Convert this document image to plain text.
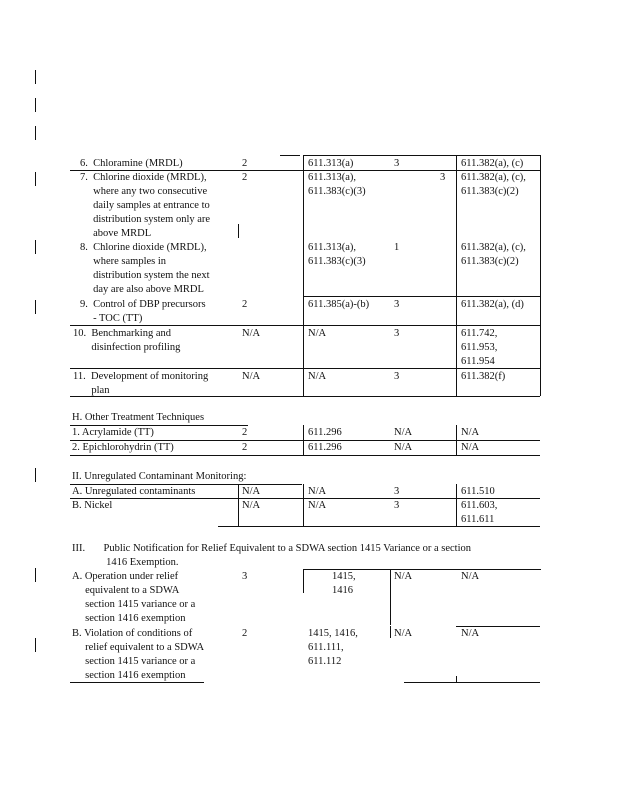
6.  Chloramine (MRDL)	2	611.313(a)	3	611.382(a), (c)
7.  Chlorine dioxide (MRDL),
where any two consecutive
daily samples at entrance to
distribution system only are
above MRDL
2	611.313(a),
611.383(c)(3)
3 611.382(a), (c),
611.383(c)(2)
8.  Chlorine dioxide (MRDL),
where samples in
distribution system the next
day are also above MRDL
611.313(a),
611.383(c)(3)
1	611.382(a), (c),
611.383(c)(2)
9.  Control of DBP precursors
- TOC (TT)
2	611.385(a)-(b) 3	611.382(a), (d)
10.  Benchmarking and
disinfection profiling
N/A	N/A	3	611.742,
611.953,
611.954
11.  Development of monitoring
plan
N/A	N/A	3	611.382(f)
H. Other Treatment Techniques
1. Acrylamide (TT)	2	611.296	N/A	N/A
2. Epichlorohydrin (TT)	2	611.296	N/A	N/A
II. Unregulated Contaminant Monitoring:
A. Unregulated contaminants	N/A	N/A	3	611.510
B. Nickel	N/A	N/A	3	611.603,
611.611
III.       Public Notification for Relief Equivalent to a SDWA section 1415 Variance or a section
1416 Exemption.
A. Operation under relief
equivalent to a SDWA
section 1415 variance or a
section 1416 exemption
3	1415,
1416
N/A	N/A
B. Violation of conditions of
relief equivalent to a SDWA
section 1415 variance or a
section 1416 exemption
2	1415, 1416,
611.111,
611.112
N/A	N/A
